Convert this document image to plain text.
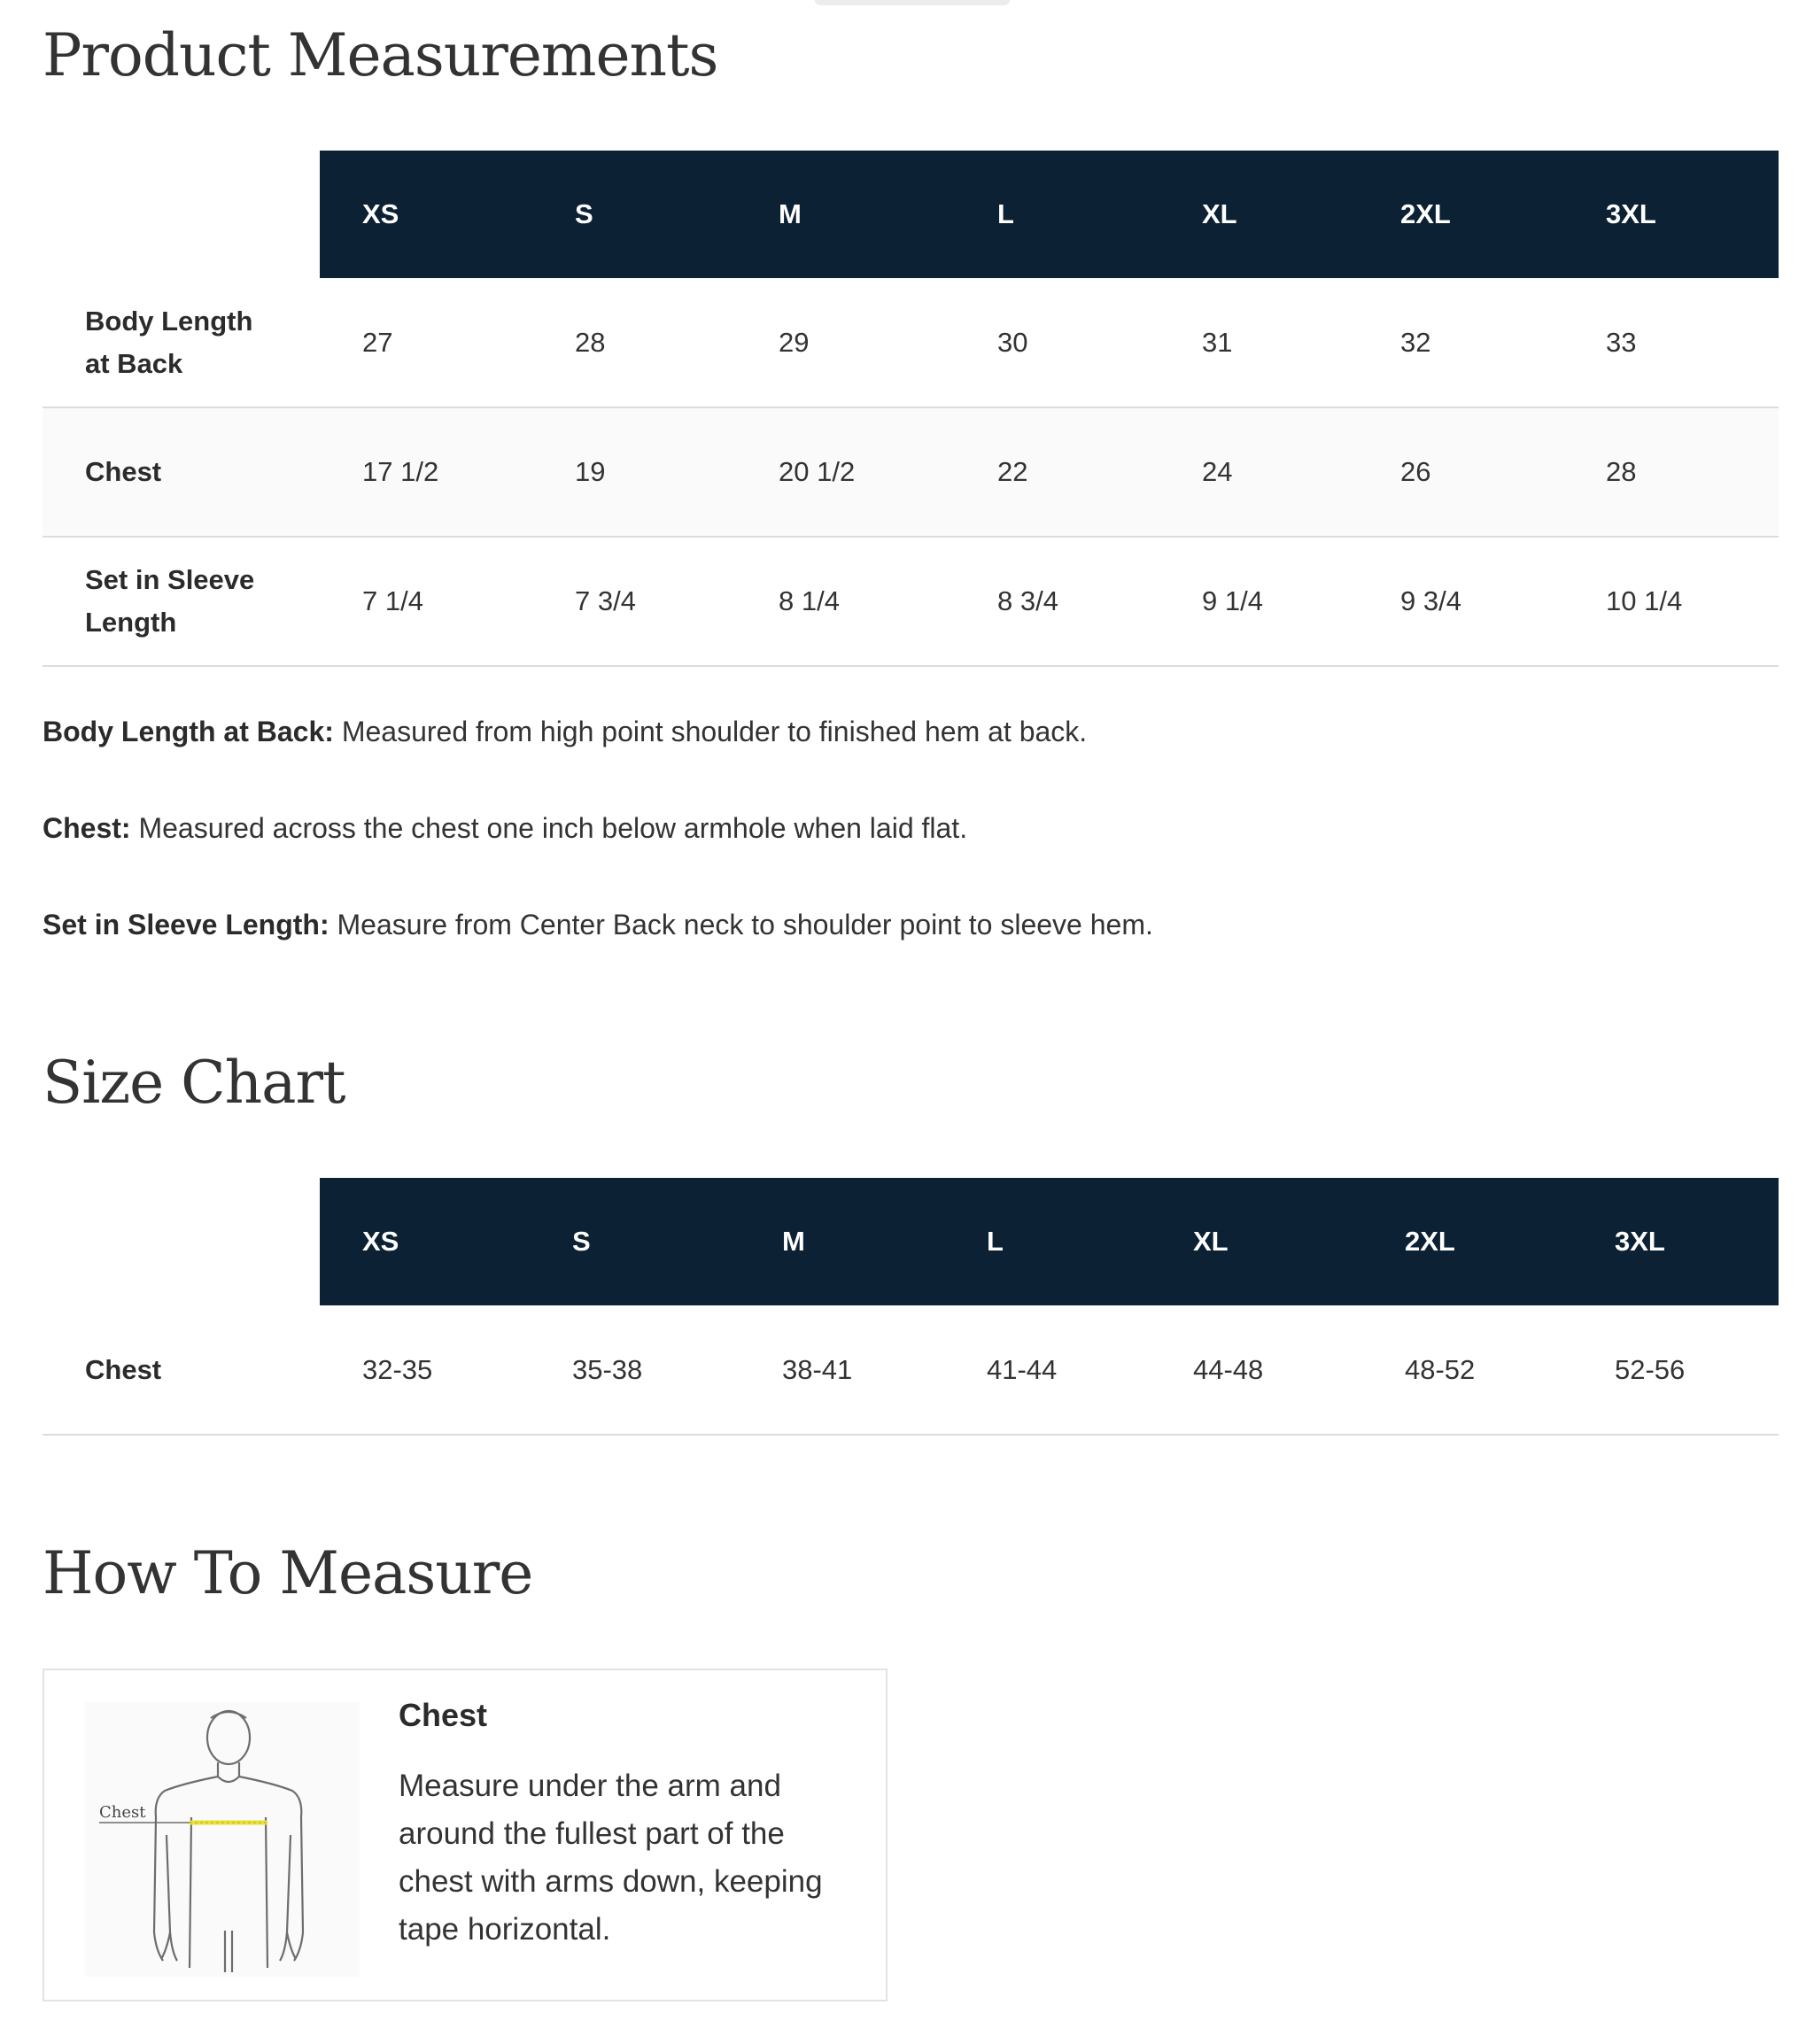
Product Measurements
	XS	S	M	L	XL	2XL	3XL

Body Length at Back	27	28	29	30	31	32	33
Chest	17 1/2	19	20 1/2	22	24	26	28

Set in Sleeve Length	7 1/4	7 3/4	8 1/4	8 3/4	9 1/4	9 3/4	10 1/4

Body Length at Back: Measured from high point shoulder to finished hem at back.

Chest: Measured across the chest one inch below armhole when laid flat.

Set in Sleeve Length: Measure from Center Back neck to shoulder point to sleeve hem.

Size Chart
	XS	S	M	L	XL	2XL	3XL
Chest	32-35	35-38	38-41	41-44	44-48	48-52	52-56
How To Measure
Chest

Chest

Measure under the arm and around the fullest part of the chest with arms down, keeping tape horizontal.
